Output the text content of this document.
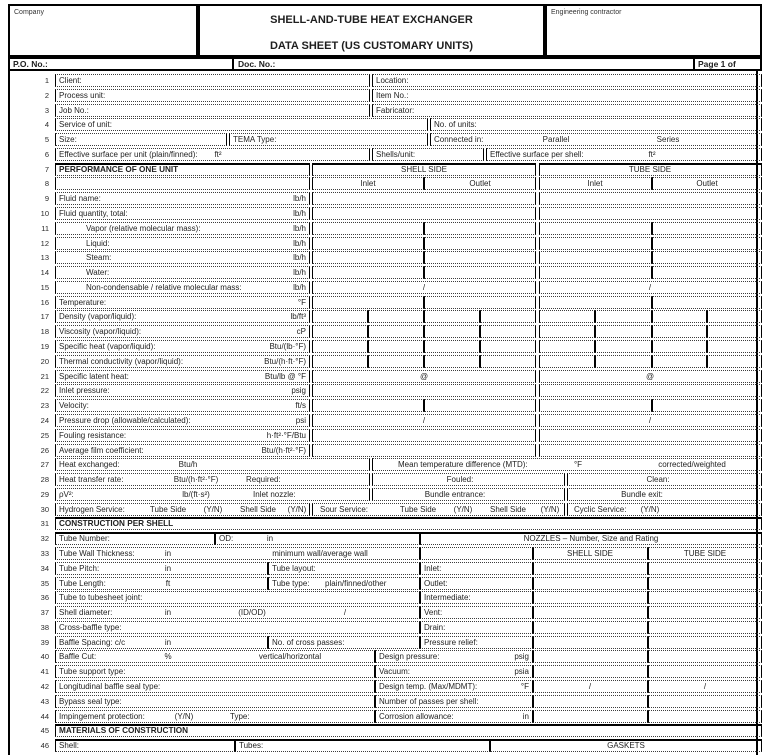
Company
SHELL-AND-TUBE HEAT EXCHANGER
DATA SHEET (US CUSTOMARY UNITS)
Engineering contractor
P.O. No.:	Doc. No.:	Page 1 of
1 Client:	Location:
2 Process unit:	Item No.:
3 Job No.:	Fabricator:
4 Service of unit:	No. of units:
5 Size:	TEMA Type:	Connected in:	Parallel	Series
6 Effective surface per unit (plain/finned): ft²	Shells/unit:	Effective surface per shell:	ft²
7 PERFORMANCE OF ONE UNIT	SHELL SIDE	TUBE SIDE
8	Inlet	Outlet	Inlet	Outlet
9 Fluid name:	lb/h
10 Fluid quantity, total:	lb/h
11	Vapor (relative molecular mass):	lb/h
12	Liquid:	lb/h
13	Steam:	lb/h
14	Water:	lb/h
15	Non-condensable / relative molecular mass:	lb/h	/	/
16 Temperature:	°F
17 Density (vapor/liquid):	lb/ft³
18 Viscosity (vapor/liquid):	cP
19 Specific heat (vapor/liquid):	Btu/(lb·°F)
20 Thermal conductivity (vapor/liquid):	Btu/(h·ft·°F)
21 Specific latent heat:	Btu/lb @ °F	@	@
22 Inlet pressure:	psig
23 Velocity:	ft/s
24 Pressure drop (allowable/calculated):	psi	/	/
25 Fouling resistance:	h·ft²·°F/Btu
26 Average film coefficient:	Btu/(h·ft²·°F)
27 Heat exchanged:	Btu/h	Mean temperature difference (MTD):	°F	corrected/weighted
28 Heat transfer rate:	Btu/(h·ft²·°F)	Required:	Fouled:	Clean:
29 ρV²:	lb/(ft·s²)	Inlet nozzle:	Bundle entrance:	Bundle exit:
30 Hydrogen Service:	Tube Side (Y/N) Shell Side (Y/N) Sour Service:	Tube Side (Y/N) Shell Side (Y/N) Cyclic Service: (Y/N)
31 CONSTRUCTION PER SHELL
32 Tube Number:	OD:	in	NOZZLES – Number, Size and Rating
33 Tube Wall Thickness:	in	minimum wall/average wall	SHELL SIDE	TUBE SIDE
34 Tube Pitch:	in	Tube layout:	Inlet:
35 Tube Length:	ft	Tube type: plain/finned/other	Outlet:
36 Tube to tubesheet joint:	Intermediate:
37 Shell diameter:	in	(ID/OD)	/	Vent:
38 Cross-baffle type:	Drain:
39 Baffle Spacing: c/c	in	No. of cross passes:	Pressure relief:
40 Baffle Cut:	%	vertical/horizontal	Design pressure:	psig
41 Tube support type:	Vacuum:	psia
42 Longitudinal baffle seal type:	Design temp. (Max/MDMT):	°F	/	/
43 Bypass seal type:	Number of passes per shell:
44 Impingement protection:	(Y/N)	Type:	Corrosion allowance:	in
45 MATERIALS OF CONSTRUCTION
46 Shell:	Tubes:	GASKETS
